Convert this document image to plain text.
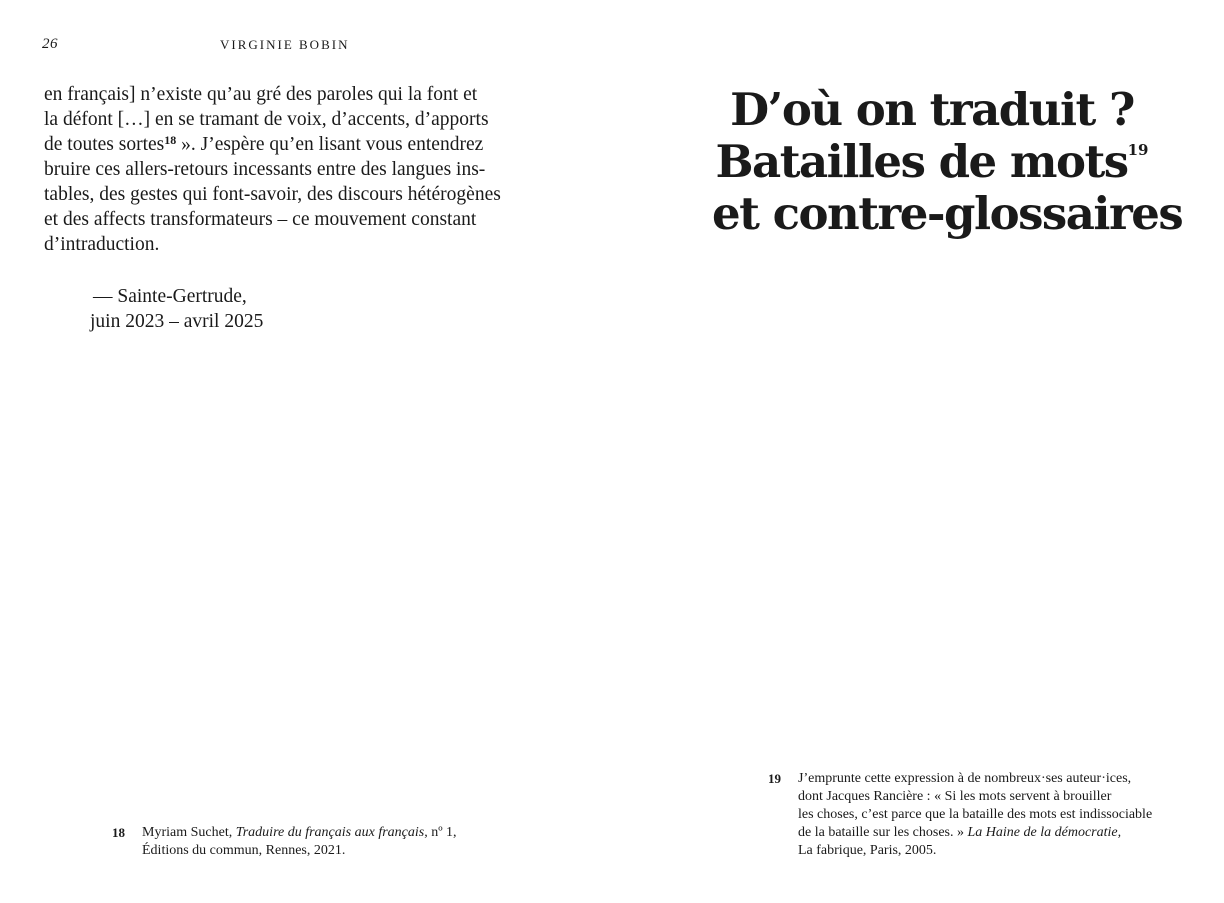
26	VIRGINIE BOBIN

en français] n’existe qu’au gré des paroles qui la font et
la défont […] en se tramant de voix, d’accents, d’apports
de toutes sortes$^{18}$ ». J’espère qu’en lisant vous entendrez
bruire ces allers-retours incessants entre des langues ins-
tables, des gestes qui font-savoir, des discours hétérogènes
et des affects transformateurs – ce mouvement constant
d’intraduction.

— Sainte-Gertrude,
juin 2023 – avril 2025
18 Myriam Suchet, Traduire du français aux français, nº 1,
Éditions du commun, Rennes, 2021.
D’où on traduit ?
Batailles de mots$^{19}$
et contre-glossaires
19 J’emprunte cette expression à de nombreux·ses auteur·ices,
dont Jacques Rancière : « Si les mots servent à brouiller
les choses, c’est parce que la bataille des mots est indissociable
de la bataille sur les choses. » La Haine de la démocratie,
La fabrique, Paris, 2005.
